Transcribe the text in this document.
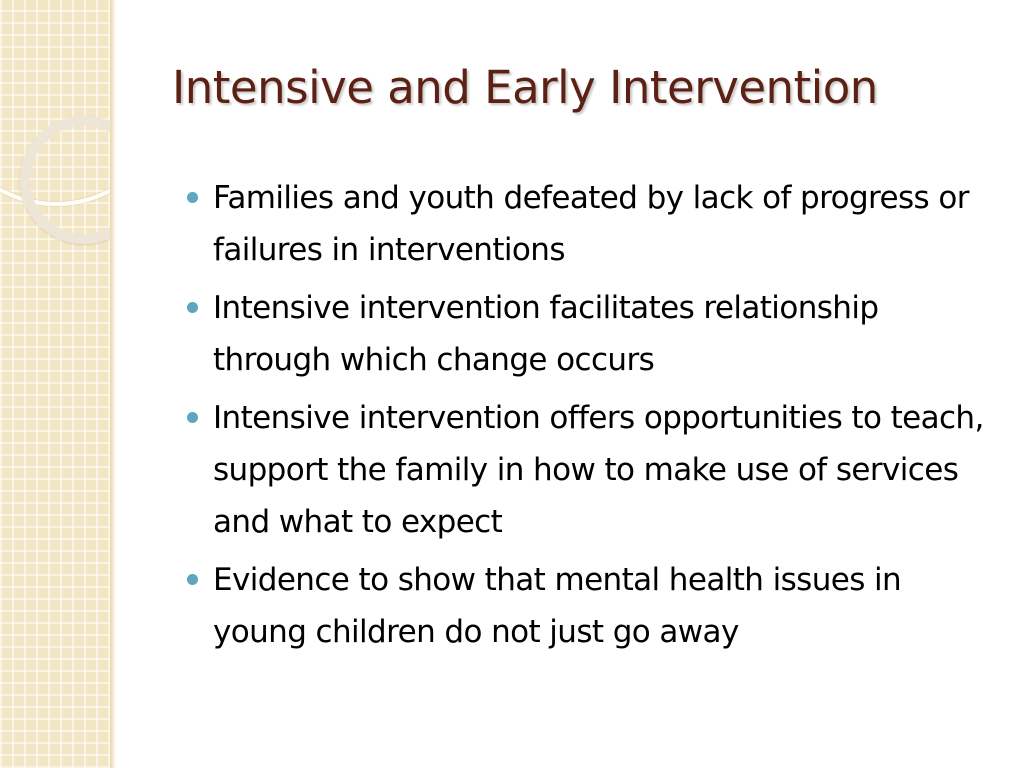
Intensive and Early Intervention
Families and youth defeated by lack of progress or failures in interventions
Intensive intervention facilitates relationship through which change occurs
Intensive intervention offers opportunities to teach, support the family in how to make use of services and what to expect
Evidence to show that mental health issues in young children do not just go away
